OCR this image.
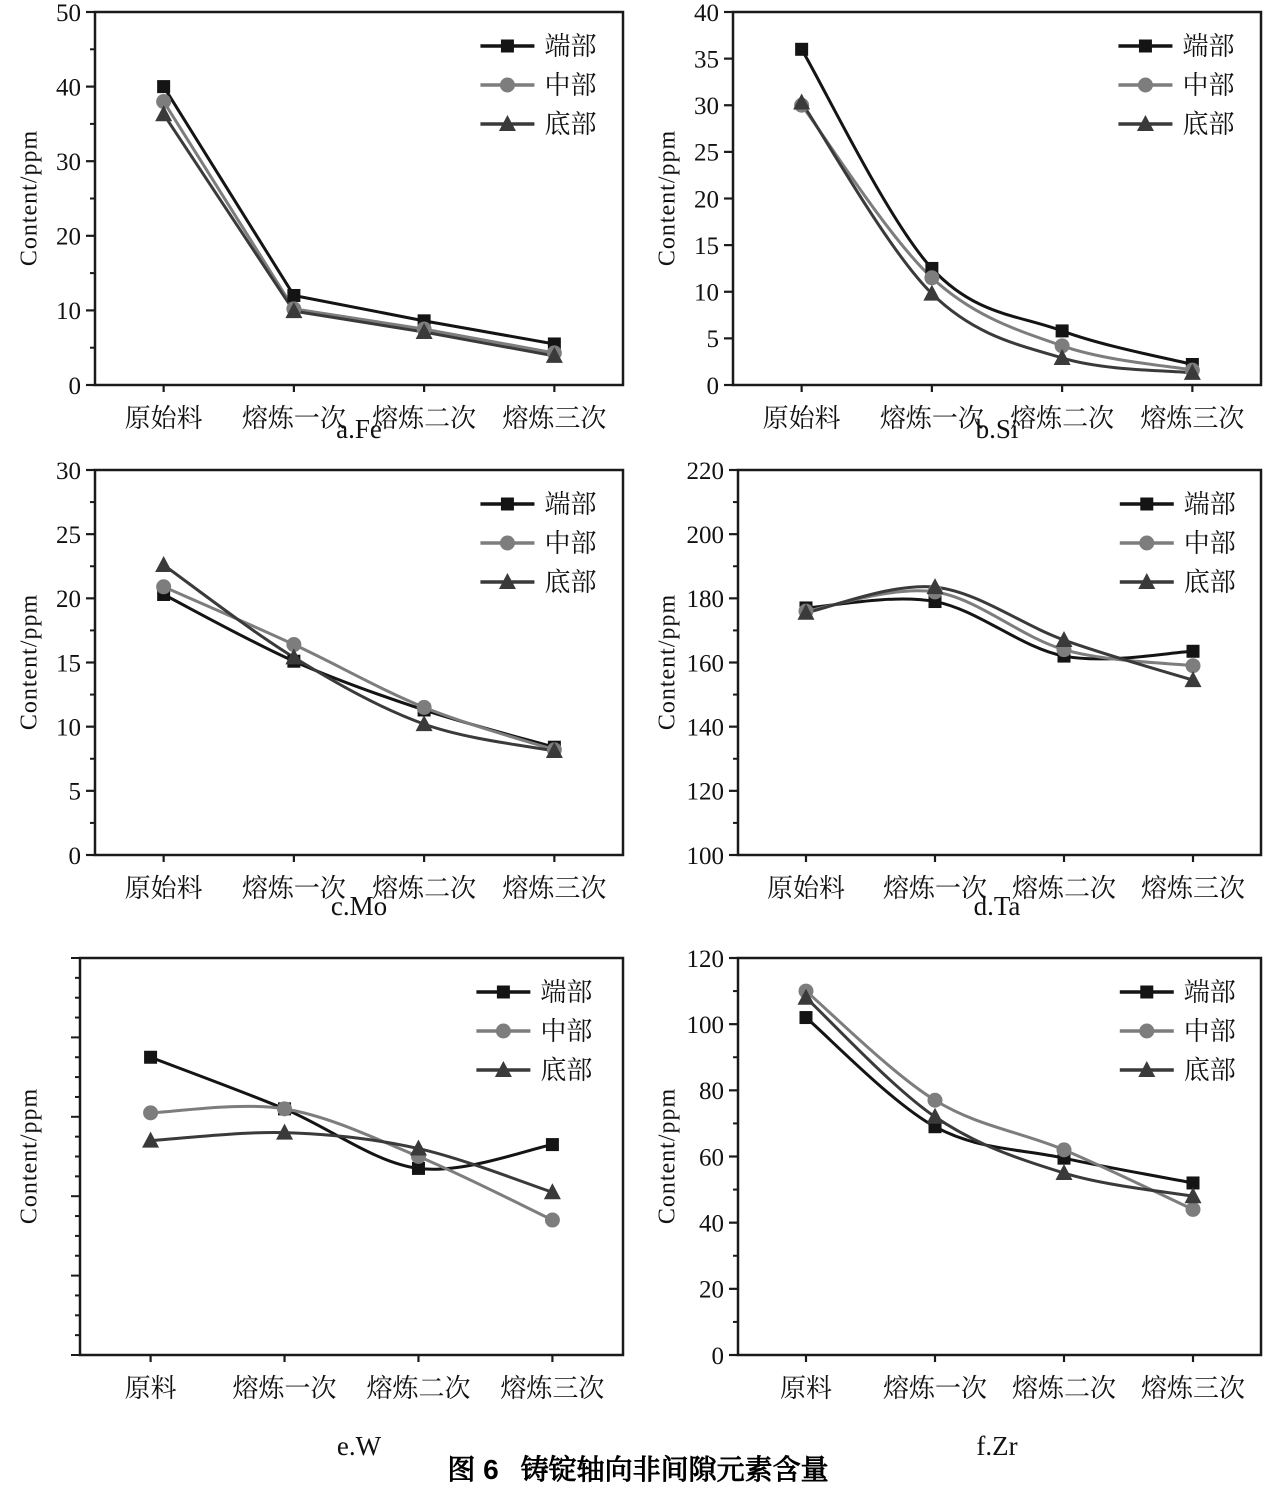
0
10
20
30
40
50
原始料 熔炼一次 熔炼二次 熔炼三次
端部
中部
底部
Content/ppm
a.Fe
0
5
10
15
20
25
30
35
40
原始料 熔炼一次 熔炼二次 熔炼三次
端部
中部
底部
Content/ppm
b.Si
0
5
10
15
20
25
30
原始料 熔炼一次 熔炼二次 熔炼三次
端部
中部
底部
Content/ppm
c.Mo
100
120
140
160
180
200
220
原始料 熔炼一次 熔炼二次 熔炼三次
端部
中部
底部
Content/ppm
d.Ta
原料 熔炼一次 熔炼二次 熔炼三次
端部
中部
底部
Content/ppm
e.W
0
20
40
60
80
100
120
原料 熔炼一次 熔炼二次 熔炼三次
端部
中部
底部
Content/ppm
f.Zr
图 6 铸锭轴向非间隙元素含量
